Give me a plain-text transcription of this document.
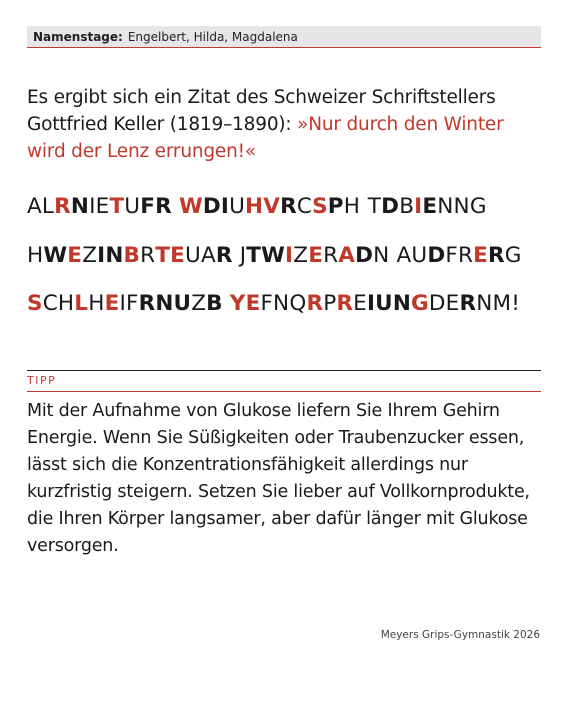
Namenstage: Engelbert, Hilda, Magdalena
Es ergibt sich ein Zitat des Schweizer Schriftstellers Gottfried Keller (1819–1890): »Nur durch den Winter wird der Lenz errungen!«
ALRNIETUFR WDIUHVRCSPH TDBIENNG
HWEZINBRTEUAR JTWIZERADN AUDFRERG
SCHLHEIFRNUZB YEFNQRPREIUNGDERNM!
TIPP
Mit der Aufnahme von Glukose liefern Sie Ihrem Gehirn Energie. Wenn Sie Süßigkeiten oder Traubenzucker essen, lässt sich die Konzentrationsfähigkeit allerdings nur kurzfristig steigern. Setzen Sie lieber auf Vollkornprodukte, die Ihren Körper langsamer, aber dafür länger mit Glukose versorgen.
Meyers Grips-Gymnastik 2026
